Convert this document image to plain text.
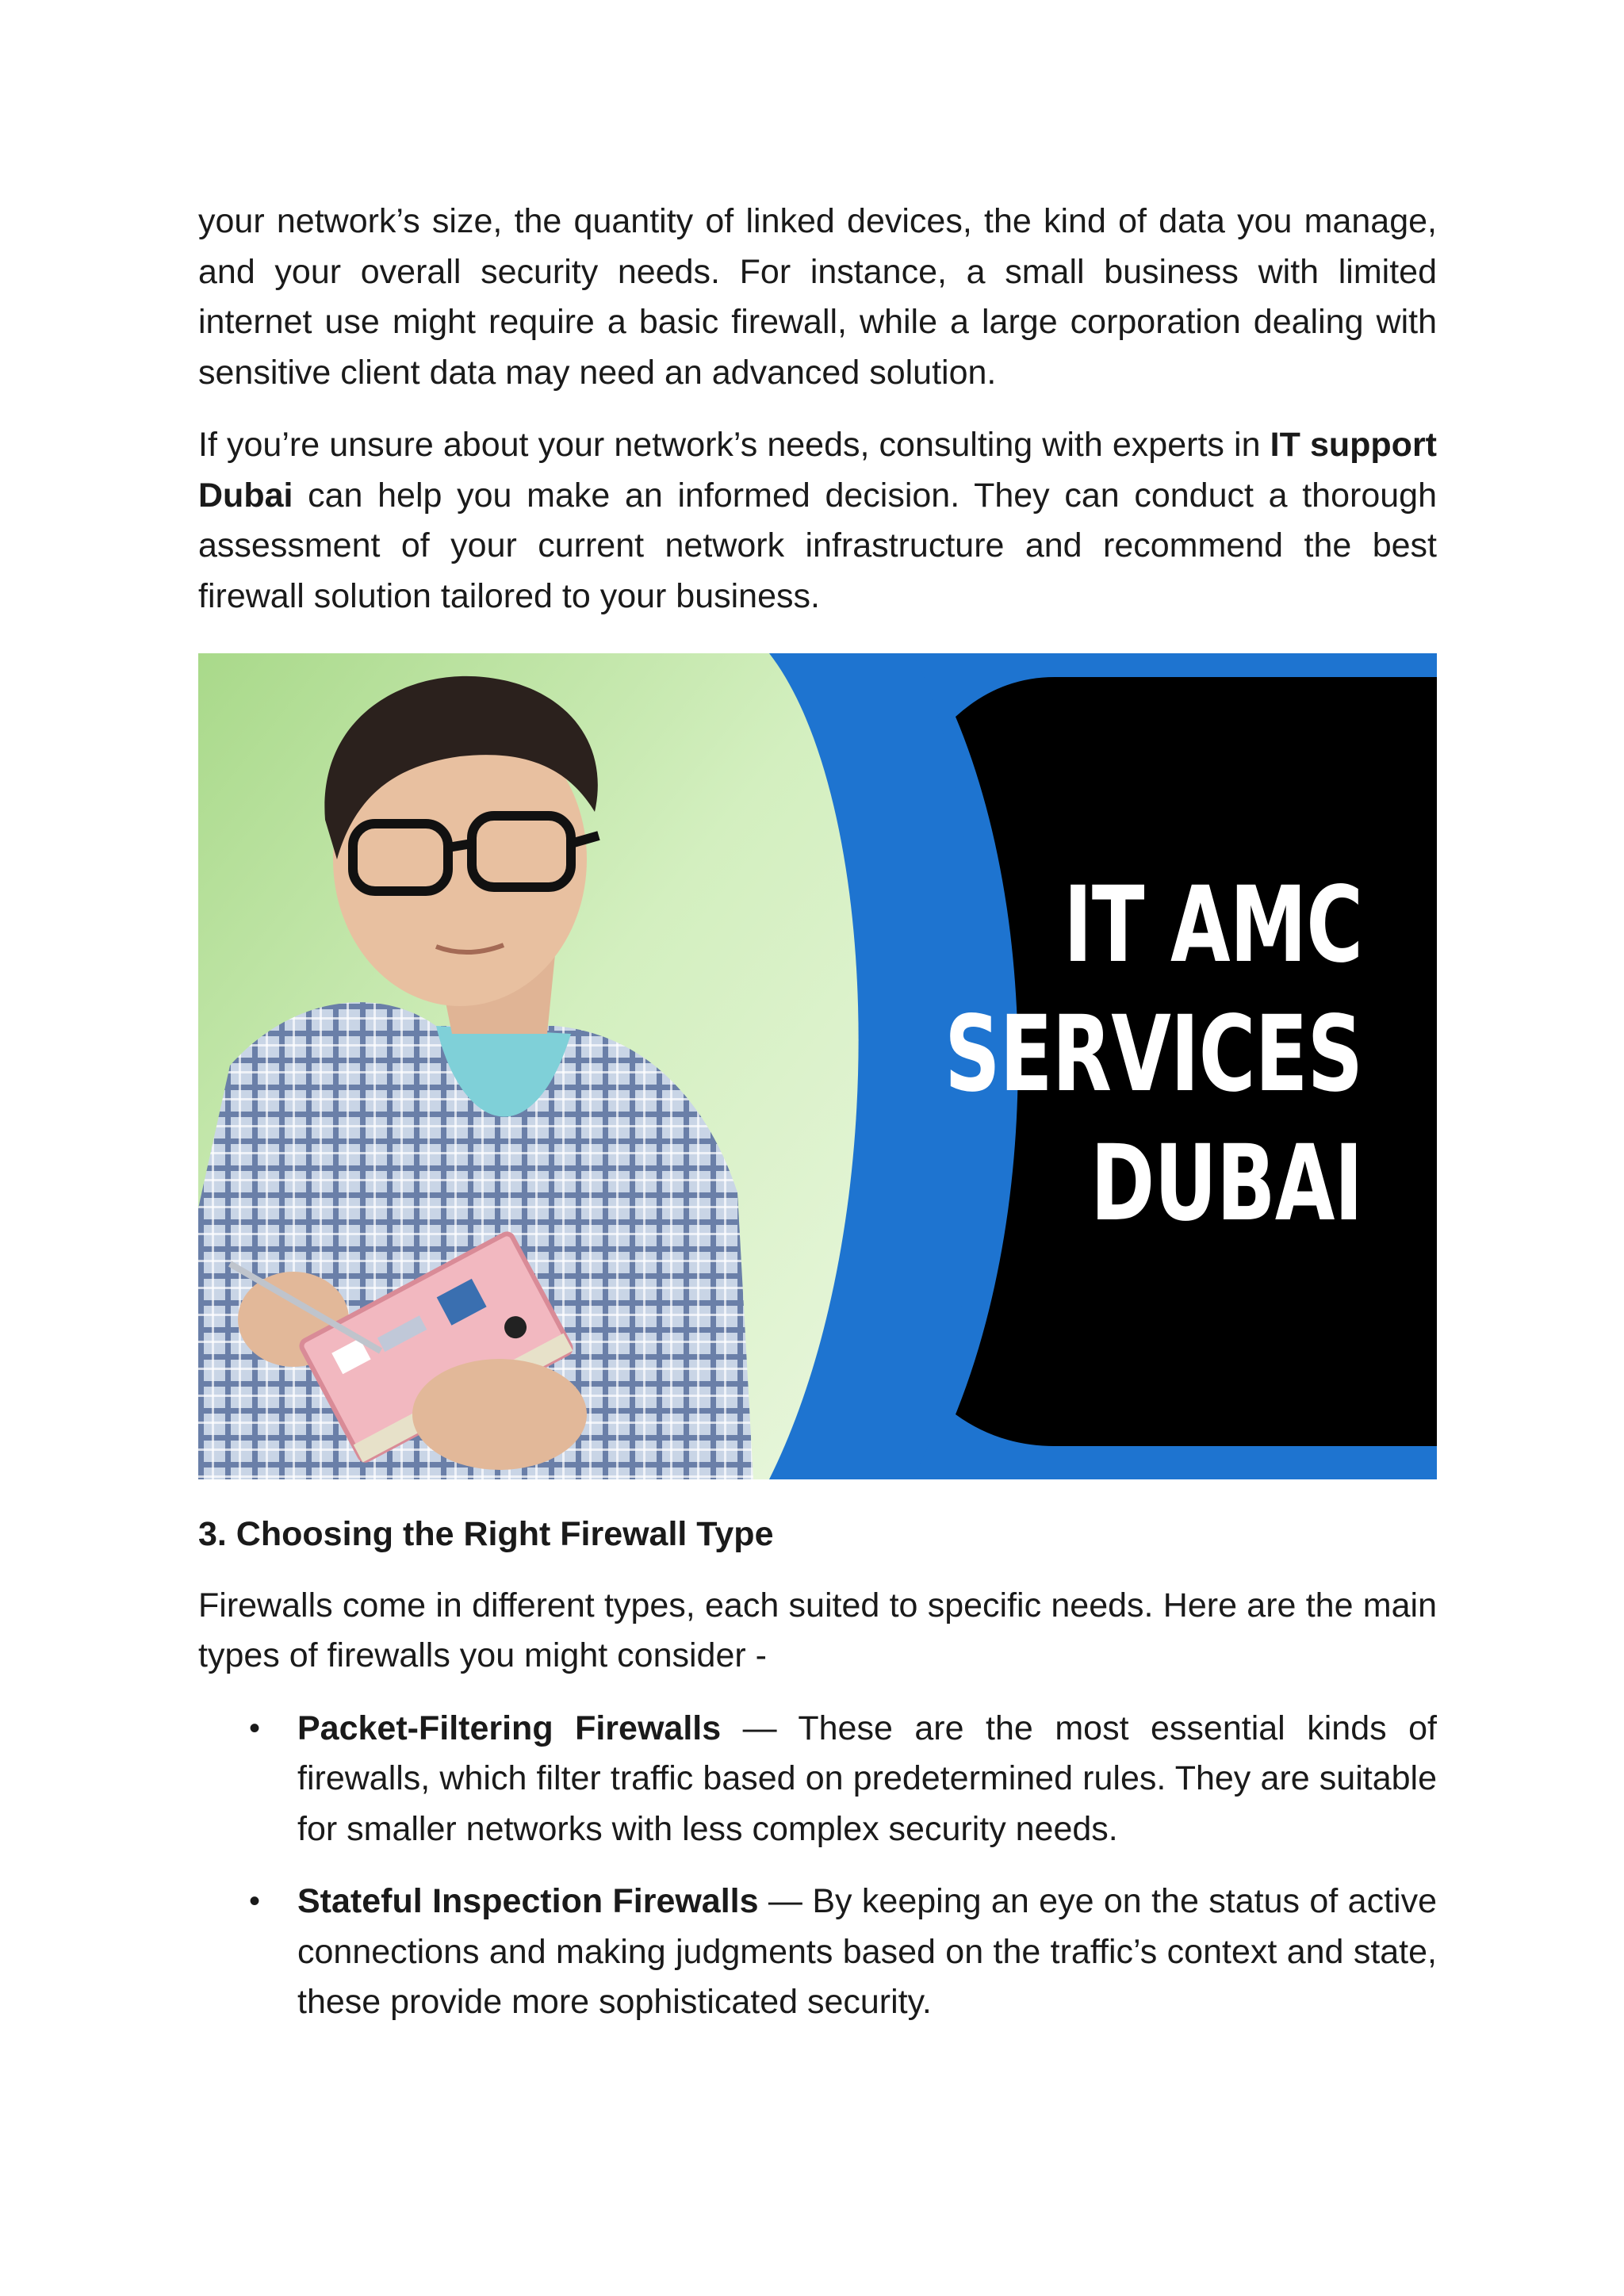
your network’s size, the quantity of linked devices, the kind of data you manage, and your overall security needs. For instance, a small business with limited internet use might require a basic firewall, while a large corporation dealing with sensitive client data may need an advanced solution.

If you’re unsure about your network’s needs, consulting with experts in IT support Dubai can help you make an informed decision. They can conduct a thorough assessment of your current network infrastructure and recommend the best firewall solution tailored to your business.

IT AMC
SERVICES
DUBAI
3. Choosing the Right Firewall Type

Firewalls come in different types, each suited to specific needs. Here are the main types of firewalls you might consider -

• Packet-Filtering Firewalls — These are the most essential kinds of firewalls, which filter traffic based on predetermined rules. They are suitable for smaller networks with less complex security needs.
• Stateful Inspection Firewalls — By keeping an eye on the status of active connections and making judgments based on the traffic’s context and state, these provide more sophisticated security.
